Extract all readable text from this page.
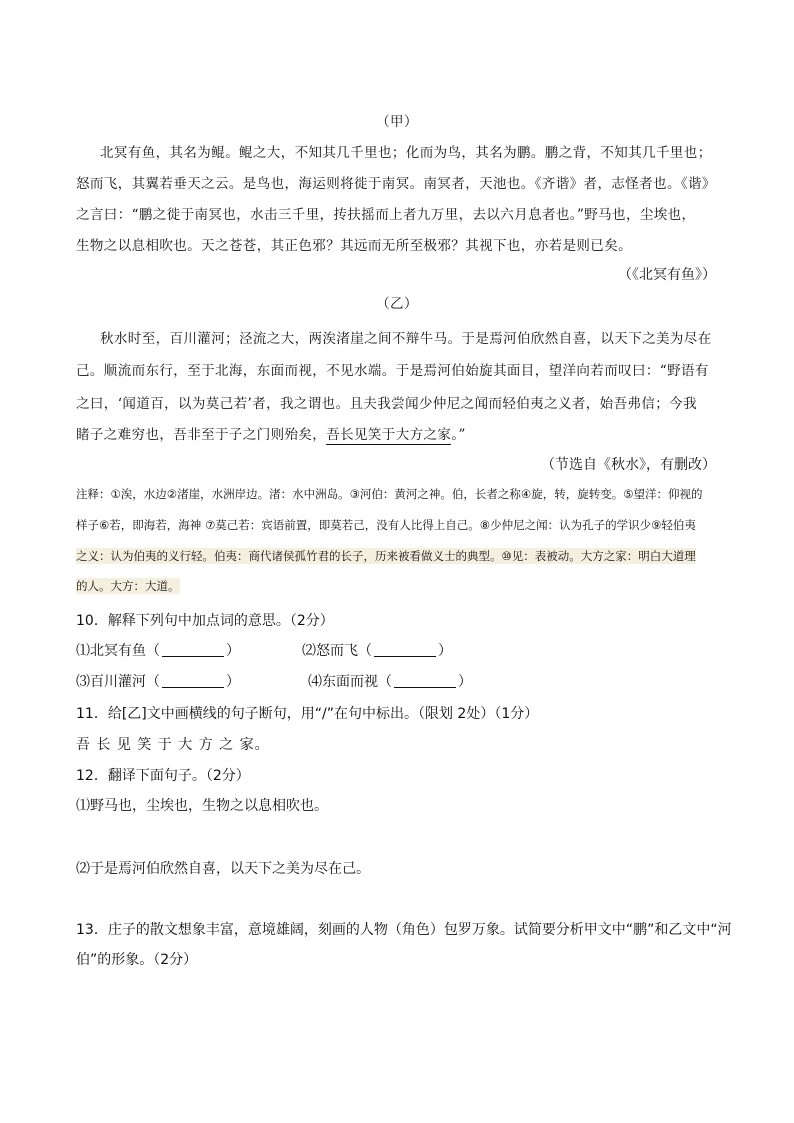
（甲）
北冥有鱼，其名为鲲。鲲之大，不知其几千里也；化而为鸟，其名为鹏。鹏之背，不知其几千里也；
怒而飞，其翼若垂天之云。是鸟也，海运则将徙于南冥。南冥者，天池也。《齐谐》者，志怪者也。《谐》
之言曰：“鹏之徙于南冥也，水击三千里，抟扶摇而上者九万里，去以六月息者也。”野马也，尘埃也，
生物之以息相吹也。天之苍苍，其正色邪？其远而无所至极邪？其视下也，亦若是则已矣。
（《北冥有鱼》）
（乙）
秋水时至，百川灌河；泾流之大，两涘渚崖之间不辩牛马。于是焉河伯欣然自喜，以天下之美为尽在
己。顺流而东行，至于北海，东面而视，不见水端。于是焉河伯始旋其面目，望洋向若而叹曰：“野语有
之曰，‘闻道百，以为莫己若’者，我之谓也。且夫我尝闻少仲尼之闻而轻伯夷之义者，始吾弗信；今我
睹子之难穷也，吾非至于子之门则殆矣，吾长见笑于大方之家。”
（节选自《秋水》，有删改）
注释：①涘，水边②渚崖，水洲岸边。渚：水中洲岛。③河伯：黄河之神。伯，长者之称④旋，转，旋转变。⑤望洋：仰视的
样子⑥若，即海若，海神 ⑦莫己若：宾语前置，即莫若己，没有人比得上自己。⑧少仲尼之闻：认为孔子的学识少⑨轻伯夷
之义：认为伯夷的义行轻。伯夷：商代诸侯孤竹君的长子，历来被看做义士的典型。⑩见：表被动。大方之家：明白大道理
的人。大方：大道。
10．解释下列句中加点词的意思。（2分）
⑴北冥有鱼（	）	⑵怒而飞（	）
⑶百川灌河（	）	⑷东面而视（	）
11．给[乙]文中画横线的句子断句，用“/”在句中标出。（限划 2处）（1分）
吾 长 见 笑 于 大 方 之 家。
12．翻译下面句子。（2分）
⑴野马也，尘埃也，生物之以息相吹也。
⑵于是焉河伯欣然自喜，以天下之美为尽在己。
13．庄子的散文想象丰富，意境雄阔，刻画的人物（角色）包罗万象。试简要分析甲文中“鹏”和乙文中“河
伯”的形象。（2分）
